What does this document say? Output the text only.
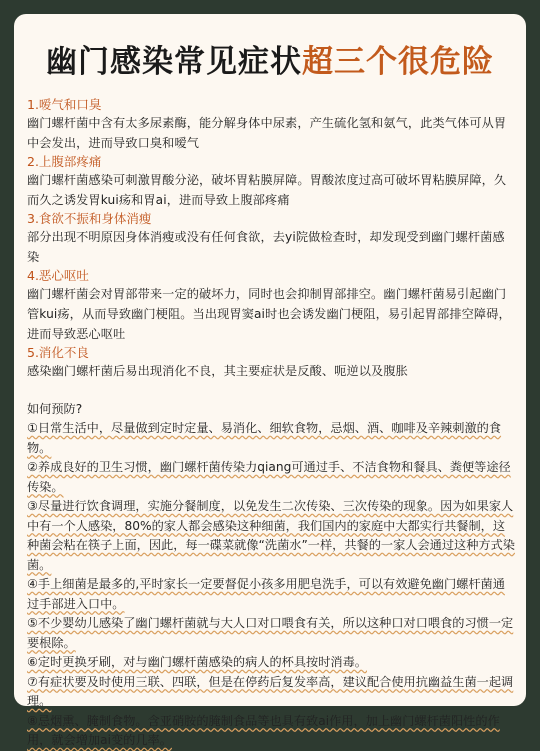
幽门感染常见症状超三个很危险
1.嗳气和口臭
幽门螺杆菌中含有太多尿素酶，能分解身体中尿素，产生硫化氢和氨气，此类气体可从胃中会发出，进而导致口臭和嗳气
2.上腹部疼痛
幽门螺杆菌感染可刺激胃酸分泌，破坏胃粘膜屏障。胃酸浓度过高可破坏胃粘膜屏障，久而久之诱发胃kui疡和胃ai，进而导致上腹部疼痛
3.食欲不振和身体消瘦
部分出现不明原因身体消瘦或没有任何食欲，去yi院做检查时，却发现受到幽门螺杆菌感染
4.恶心呕吐
幽门螺杆菌会对胃部带来一定的破坏力，同时也会抑制胃部排空。幽门螺杆菌易引起幽门管kui疡，从而导致幽门梗阻。当出现胃窦ai时也会诱发幽门梗阻，易引起胃部排空障碍，进而导致恶心呕吐
5.消化不良
感染幽门螺杆菌后易出现消化不良，其主要症状是反酸、呃逆以及腹胀
如何预防?
①日常生活中，尽量做到定时定量、易消化、细软食物，忌烟、酒、咖啡及辛辣刺激的食物。
②养成良好的卫生习惯，幽门螺杆菌传染力qiang可通过手、不洁食物和餐具、粪便等途径传染。
③尽量进行饮食调理，实施分餐制度，以免发生二次传染、三次传染的现象。因为如果家人中有一个人感染，80%的家人都会感染这种细菌，我们国内的家庭中大都实行共餐制，这种菌会粘在筷子上面，因此，每一碟菜就像“洗菌水”一样，共餐的一家人会通过这种方式染菌。
④手上细菌是最多的,平时家长一定要督促小孩多用肥皂洗手，可以有效避免幽门螺杆菌通过手部进入口中。
⑤不少婴幼儿感染了幽门螺杆菌就与大人口对口喂食有关，所以这种口对口喂食的习惯一定要根除。
⑥定时更换牙刷，对与幽门螺杆菌感染的病人的杯具按时消毒。
⑦有症状要及时使用三联、四联，但是在停药后复发率高，建议配合使用抗幽益生菌一起调理。
⑧忌烟熏、腌制食物。含亚硝胺的腌制食品等也具有致ai作用，加上幽门螺杆菌阳性的作用，就会增加ai变的几率。
